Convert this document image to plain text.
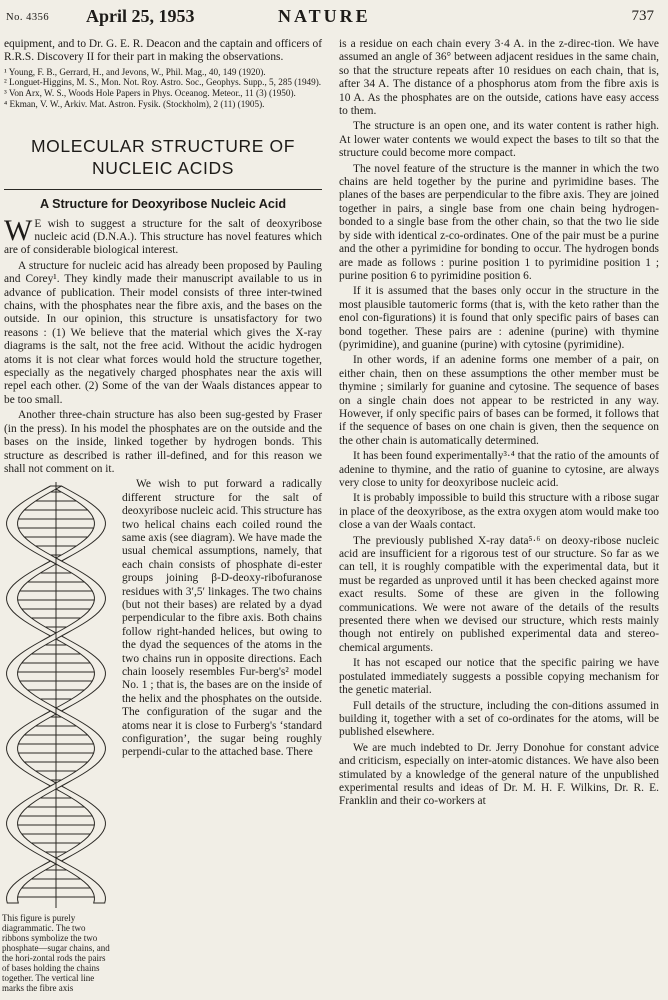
No. 4356 April 25, 1953	NATURE	737

equipment, and to Dr. G. E. R. Deacon and the captain and officers of R.R.S. Discovery II for their part in making the observations.

¹ Young, F. B., Gerrard, H., and Jevons, W., Phil. Mag., 40, 149 (1920).

² Longuet-Higgins, M. S., Mon. Not. Roy. Astro. Soc., Geophys. Supp., 5, 285 (1949).

³ Von Arx, W. S., Woods Hole Papers in Phys. Oceanog. Meteor., 11 (3) (1950).

⁴ Ekman, V. W., Arkiv. Mat. Astron. Fysik. (Stockholm), 2 (11) (1905).

MOLECULAR STRUCTURE OF NUCLEIC ACIDS
A Structure for Deoxyribose Nucleic Acid

W E wish to suggest a structure for the salt of deoxyribose nucleic acid (D.N.A.). This structure has novel features which are of considerable biological interest.

A structure for nucleic acid has already been proposed by Pauling and Corey¹. They kindly made their manuscript available to us in advance of publication. Their model consists of three inter-twined chains, with the phosphates near the fibre axis, and the bases on the outside. In our opinion, this structure is unsatisfactory for two reasons : (1) We believe that the material which gives the X-ray diagrams is the salt, not the free acid. Without the acidic hydrogen atoms it is not clear what forces would hold the structure together, especially as the negatively charged phosphates near the axis will repel each other. (2) Some of the van der Waals distances appear to be too small.

Another three-chain structure has also been sug-gested by Fraser (in the press). In his model the phosphates are on the outside and the bases on the inside, linked together by hydrogen bonds. This structure as described is rather ill-defined, and for this reason we shall not comment on it.

This figure is purely diagrammatic. The two ribbons symbolize the two phosphate—sugar chains, and the hori-zontal rods the pairs of bases holding the chains together. The vertical line marks the fibre axis

We wish to put forward a radically different structure for the salt of deoxyribose nucleic acid. This structure has two helical chains each coiled round the same axis (see diagram). We have made the usual chemical assumptions, namely, that each chain consists of phosphate di-ester groups joining β-D-deoxy-ribofuranose residues with 3′,5′ linkages. The two chains (but not their bases) are related by a dyad perpendicular to the fibre axis. Both chains follow right-handed helices, but owing to the dyad the sequences of the atoms in the two chains run in opposite directions. Each chain loosely resembles Fur-berg's² model No. 1 ; that is, the bases are on the inside of the helix and the phosphates on the outside. The configuration of the sugar and the atoms near it is close to Furberg's ‘standard configuration’, the sugar being roughly perpendi-cular to the attached base. There

is a residue on each chain every 3·4 A. in the z-direc-tion. We have assumed an angle of 36° between adjacent residues in the same chain, so that the structure repeats after 10 residues on each chain, that is, after 34 A. The distance of a phosphorus atom from the fibre axis is 10 A. As the phosphates are on the outside, cations have easy access to them.

The structure is an open one, and its water content is rather high. At lower water contents we would expect the bases to tilt so that the structure could become more compact.

The novel feature of the structure is the manner in which the two chains are held together by the purine and pyrimidine bases. The planes of the bases are perpendicular to the fibre axis. They are joined together in pairs, a single base from one chain being hydrogen-bonded to a single base from the other chain, so that the two lie side by side with identical z-co-ordinates. One of the pair must be a purine and the other a pyrimidine for bonding to occur. The hydrogen bonds are made as follows : purine position 1 to pyrimidine position 1 ; purine position 6 to pyrimidine position 6.

If it is assumed that the bases only occur in the structure in the most plausible tautomeric forms (that is, with the keto rather than the enol con-figurations) it is found that only specific pairs of bases can bond together. These pairs are : adenine (purine) with thymine (pyrimidine), and guanine (purine) with cytosine (pyrimidine).

In other words, if an adenine forms one member of a pair, on either chain, then on these assumptions the other member must be thymine ; similarly for guanine and cytosine. The sequence of bases on a single chain does not appear to be restricted in any way. However, if only specific pairs of bases can be formed, it follows that if the sequence of bases on one chain is given, then the sequence on the other chain is automatically determined.

It has been found experimentally³·⁴ that the ratio of the amounts of adenine to thymine, and the ratio of guanine to cytosine, are always very close to unity for deoxyribose nucleic acid.

It is probably impossible to build this structure with a ribose sugar in place of the deoxyribose, as the extra oxygen atom would make too close a van der Waals contact.

The previously published X-ray data⁵·⁶ on deoxy-ribose nucleic acid are insufficient for a rigorous test of our structure. So far as we can tell, it is roughly compatible with the experimental data, but it must be regarded as unproved until it has been checked against more exact results. Some of these are given in the following communications. We were not aware of the details of the results presented there when we devised our structure, which rests mainly though not entirely on published experimental data and stereo-chemical arguments.

It has not escaped our notice that the specific pairing we have postulated immediately suggests a possible copying mechanism for the genetic material.

Full details of the structure, including the con-ditions assumed in building it, together with a set of co-ordinates for the atoms, will be published elsewhere.

We are much indebted to Dr. Jerry Donohue for constant advice and criticism, especially on inter-atomic distances. We have also been stimulated by a knowledge of the general nature of the unpublished experimental results and ideas of Dr. M. H. F. Wilkins, Dr. R. E. Franklin and their co-workers at
